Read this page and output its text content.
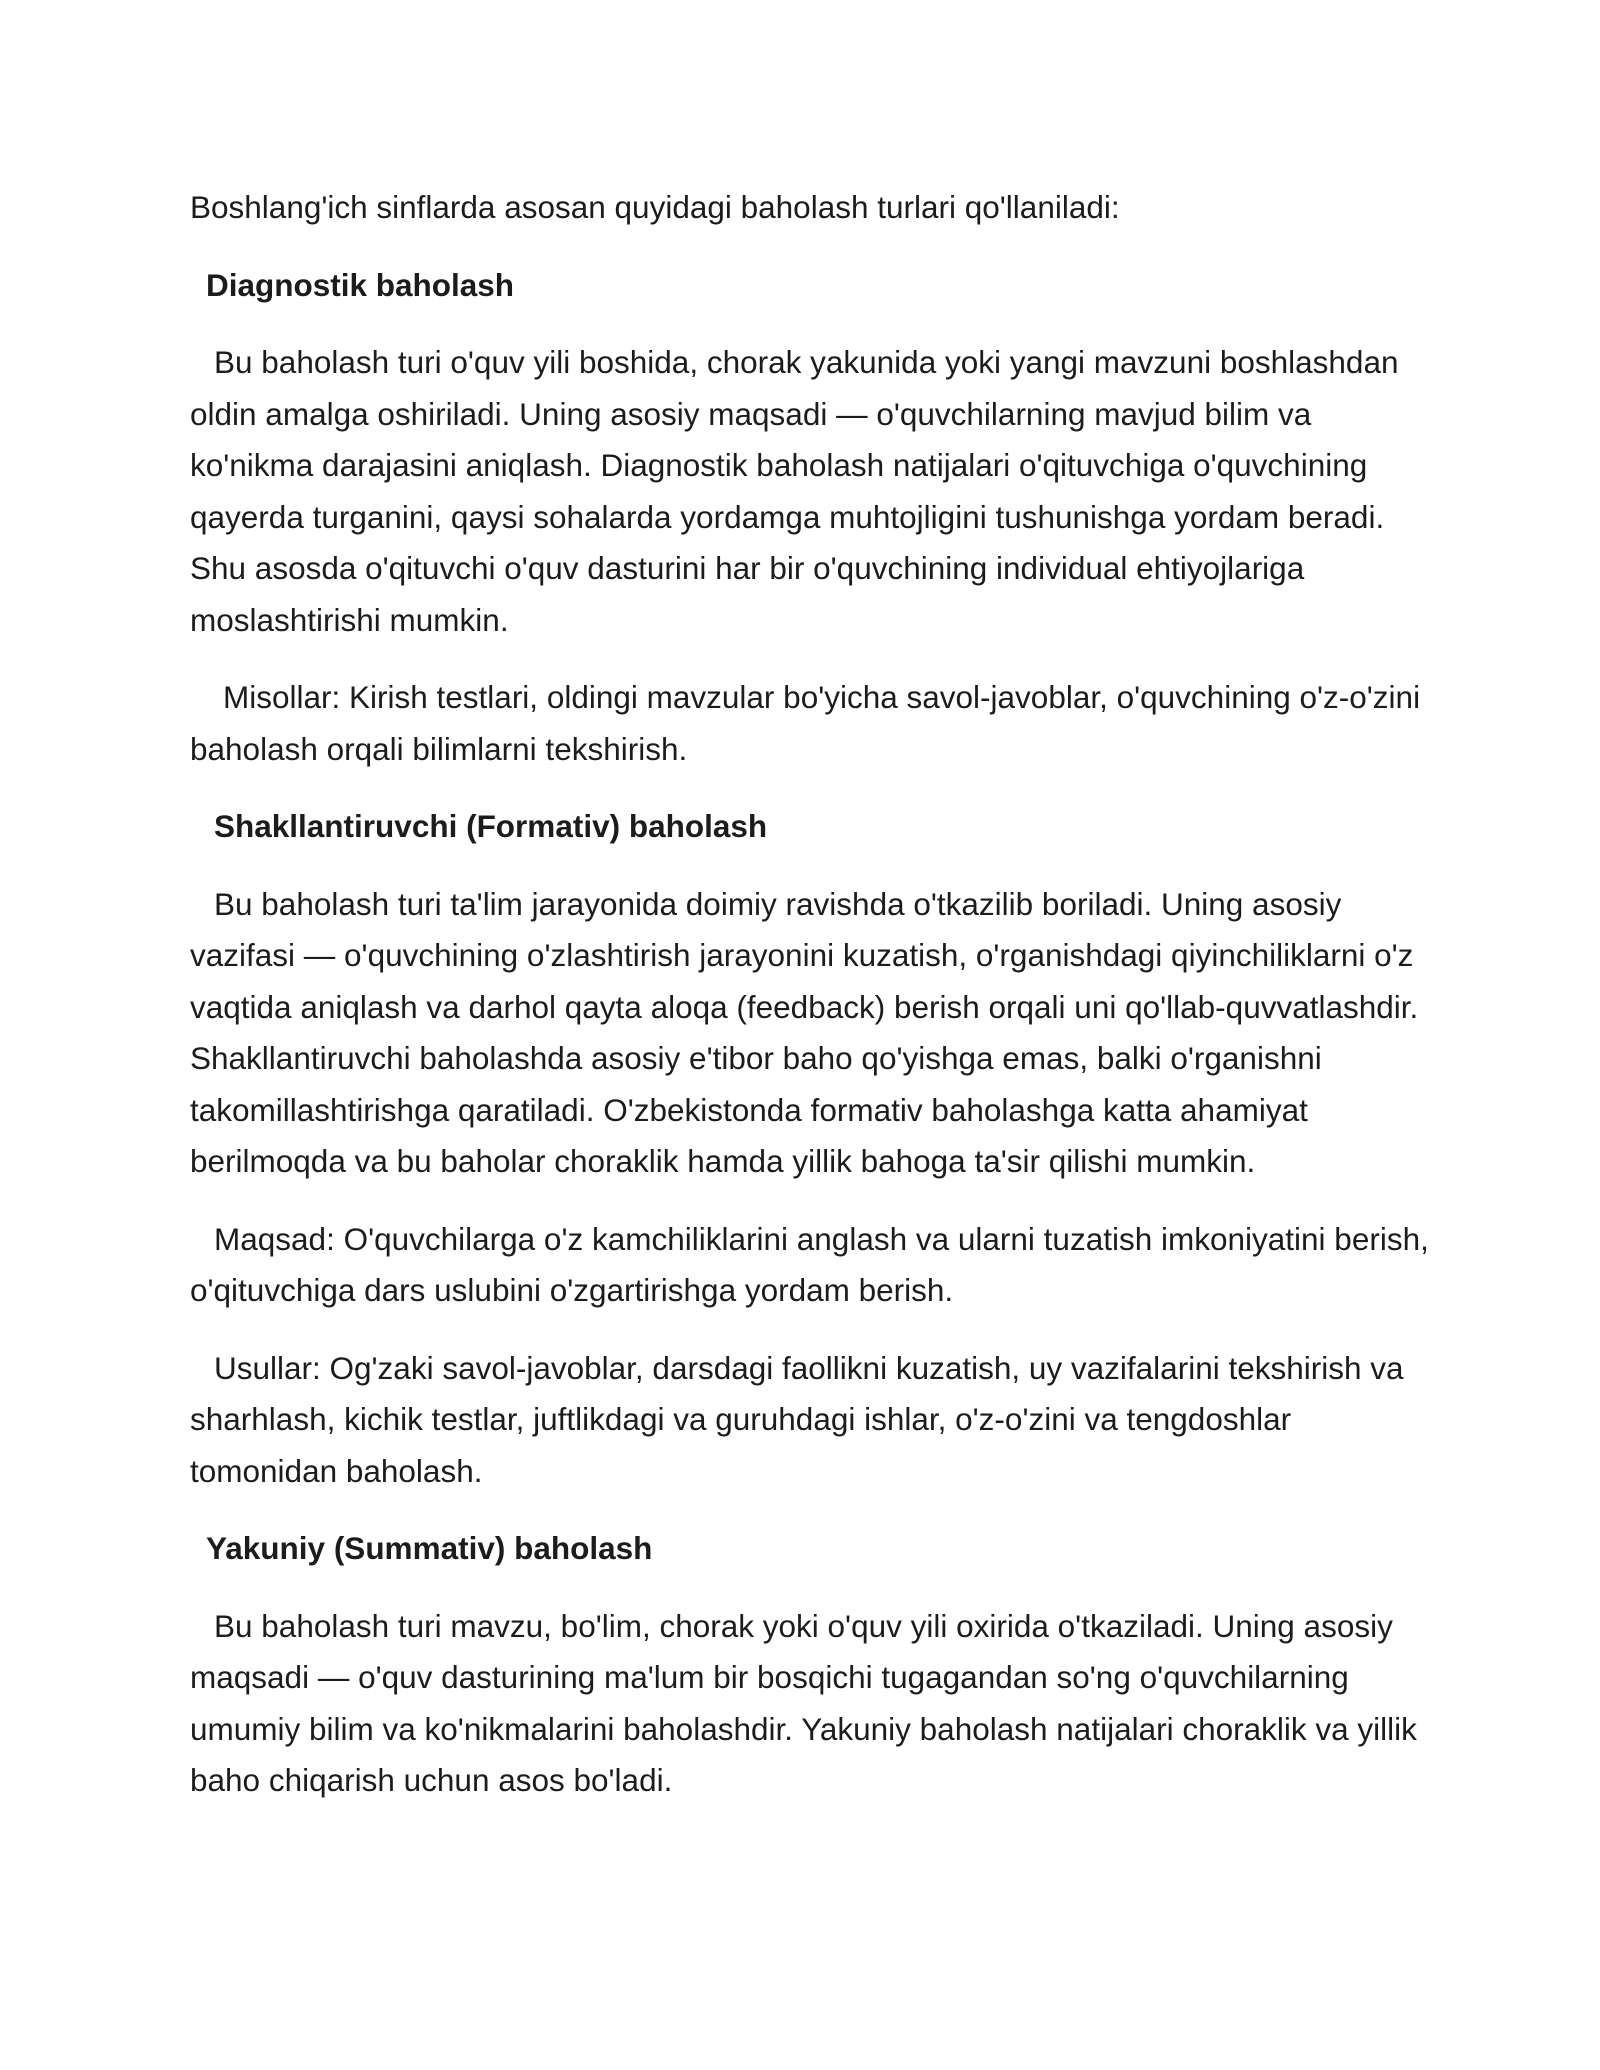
Boshlang'ich sinflarda asosan quyidagi baholash turlari qo'llaniladi:

Diagnostik baholash

Bu baholash turi o'quv yili boshida, chorak yakunida yoki yangi mavzuni boshlashdan oldin amalga oshiriladi. Uning asosiy maqsadi — o'quvchilarning mavjud bilim va ko'nikma darajasini aniqlash. Diagnostik baholash natijalari o'qituvchiga o'quvchining qayerda turganini, qaysi sohalarda yordamga muhtojligini tushunishga yordam beradi. Shu asosda o'qituvchi o'quv dasturini har bir o'quvchining individual ehtiyojlariga moslashtirishi mumkin.

Misollar: Kirish testlari, oldingi mavzular bo'yicha savol-javoblar, o'quvchining o'z-o'zini baholash orqali bilimlarni tekshirish.

Shakllantiruvchi (Formativ) baholash

Bu baholash turi ta'lim jarayonida doimiy ravishda o'tkazilib boriladi. Uning asosiy vazifasi — o'quvchining o'zlashtirish jarayonini kuzatish, o'rganishdagi qiyinchiliklarni o'z vaqtida aniqlash va darhol qayta aloqa (feedback) berish orqali uni qo'llab-quvvatlashdir. Shakllantiruvchi baholashda asosiy e'tibor baho qo'yishga emas, balki o'rganishni takomillashtirishga qaratiladi. O'zbekistonda formativ baholashga katta ahamiyat berilmoqda va bu baholar choraklik hamda yillik bahoga ta'sir qilishi mumkin.

Maqsad: O'quvchilarga o'z kamchiliklarini anglash va ularni tuzatish imkoniyatini berish, o'qituvchiga dars uslubini o'zgartirishga yordam berish.

Usullar: Og'zaki savol-javoblar, darsdagi faollikni kuzatish, uy vazifalarini tekshirish va sharhlash, kichik testlar, juftlikdagi va guruhdagi ishlar, o'z-o'zini va tengdoshlar tomonidan baholash.

Yakuniy (Summativ) baholash

Bu baholash turi mavzu, bo'lim, chorak yoki o'quv yili oxirida o'tkaziladi. Uning asosiy maqsadi — o'quv dasturining ma'lum bir bosqichi tugagandan so'ng o'quvchilarning umumiy bilim va ko'nikmalarini baholashdir. Yakuniy baholash natijalari choraklik va yillik baho chiqarish uchun asos bo'ladi.
